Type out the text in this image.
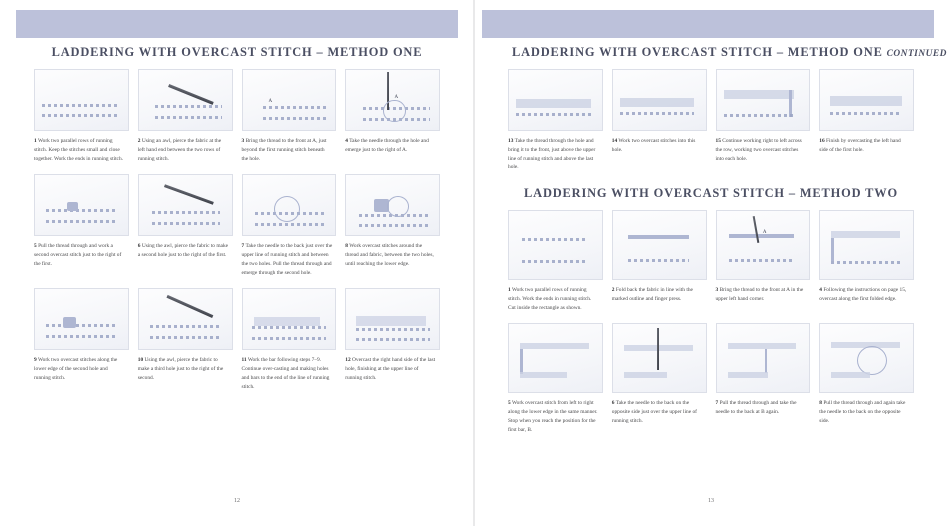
LADDERING WITH OVERCAST STITCH – METHOD ONE
1 Work two parallel rows of running stitch. Keep the stitches small and close together. Work the ends in running stitch.
2 Using an awl, pierce the fabric at the left hand end between the two rows of running stitch.
A
3 Bring the thread to the front at A, just beyond the first running stitch beneath the hole.
A
4 Take the needle through the hole and emerge just to the right of A.
5 Pull the thread through and work a second overcast stitch just to the right of the first.
6 Using the awl, pierce the fabric to make a second hole just to the right of the first.
7 Take the needle to the back just over the upper line of running stitch and between the two holes. Pull the thread through and emerge through the second hole.
8 Work overcast stitches around the thread and fabric, between the two holes, until reaching the lower edge.
9 Work two overcast stitches along the lower edge of the second hole and running stitch.
10 Using the awl, pierce the fabric to make a third hole just to the right of the second.
11 Work the bar following steps 7–9. Continue over-casting and making holes and bars to the end of the line of running stitch.
12 Overcast the right hand side of the last hole, finishing at the upper line of running stitch.
12
LADDERING WITH OVERCAST STITCH – METHOD ONE CONTINUED
13 Take the thread through the hole and bring it to the front, just above the upper line of running stitch and above the last hole.
14 Work two overcast stitches into this hole.
15 Continue working right to left across the row, working two overcast stitches into each hole.
16 Finish by overcasting the left hand side of the first hole.
LADDERING WITH OVERCAST STITCH – METHOD TWO
1 Work two parallel rows of running stitch. Work the ends in running stitch. Cut inside the rectangle as shown.
2 Fold back the fabric in line with the marked outline and finger press.
A
3 Bring the thread to the front at A in the upper left hand corner.
4 Following the instructions on page 15, overcast along the first folded edge.
5 Work overcast stitch from left to right along the lower edge in the same manner. Stop when you reach the position for the first bar, B.
6 Take the needle to the back on the opposite side just over the upper line of running stitch.
7 Pull the thread through and take the needle to the back at B again.
8 Pull the thread through and again take the needle to the back on the opposite side.
13
